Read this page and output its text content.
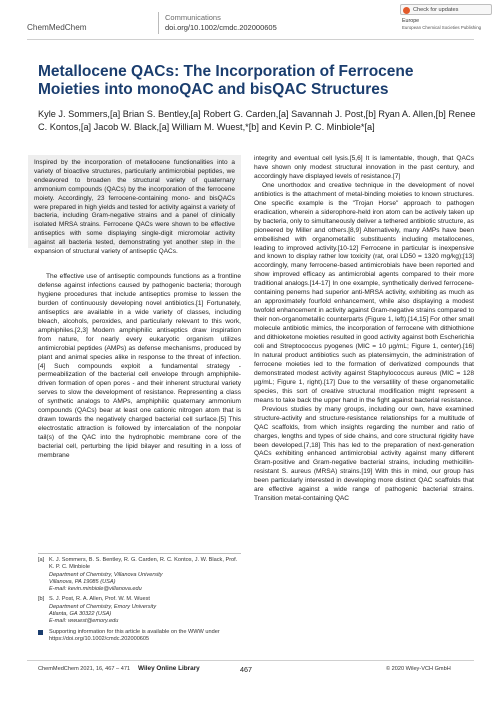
ChemMedChem
Communications
doi.org/10.1002/cmdc.202000605
Check for updates
Europe
European Chemical Societies Publishing
Metallocene QACs: The Incorporation of Ferrocene Moieties into monoQAC and bisQAC Structures
Kyle J. Sommers,[a] Brian S. Bentley,[a] Robert G. Carden,[a] Savannah J. Post,[b] Ryan A. Allen,[b] Renee C. Kontos,[a] Jacob W. Black,[a] William M. Wuest,*[b] and Kevin P. C. Minbiole*[a]
Inspired by the incorporation of metallocene functionalities into a variety of bioactive structures, particularly antimicrobial peptides, we endeavored to broaden the structural variety of quaternary ammonium compounds (QACs) by the incorporation of the ferrocene moiety. Accordingly, 23 ferrocene-containing mono- and bisQACs were prepared in high yields and tested for activity against a variety of bacteria, including Gram-negative strains and a panel of clinically isolated MRSA strains. Ferrocene QACs were shown to be effective antiseptics with some displaying single-digit micromolar activity against all bacteria tested, demonstrating yet another step in the expansion of structural variety of antiseptic QACs.

The effective use of antiseptic compounds functions as a frontline defense against infections caused by pathogenic bacteria; thorough hygiene procedures that include antiseptics promise to lessen the burden of continuously developing novel antibiotics.[1] Fortunately, antiseptics are available in a wide variety of classes, including bleach, alcohols, peroxides, and particularly relevant to this work, amphiphiles.[2,3] Modern amphiphilic antiseptics draw inspiration from nature, for nearly every eukaryotic organism utilizes antimicrobial peptides (AMPs) as defense mechanisms, produced by plant and animal species alike in response to the threat of infection.[4] Such compounds exploit a fundamental strategy - permeabilization of the bacterial cell envelope through amphiphile-driven formation of open pores - and their inherent structural variety serves to slow the development of resistance. Representing a class of synthetic analogs to AMPs, amphiphilic quaternary ammonium compounds (QACs) bear at least one cationic nitrogen atom that is drawn towards the negatively charged bacterial cell surface.[5] This electrostatic attraction is followed by intercalation of the nonpolar tail(s) of the QAC into the hydrophobic membrane core of the bacterial cell, perturbing the lipid bilayer and resulting in a loss of membrane

integrity and eventual cell lysis.[5,6] It is lamentable, though, that QACs have shown only modest structural innovation in the past century, and accordingly have displayed levels of resistance.[7]

One unorthodox and creative technique in the development of novel antibiotics is the attachment of metal-binding moieties to known structures. One specific example is the "Trojan Horse" approach to pathogen eradication, wherein a siderophore-held iron atom can be actively taken up by bacteria, only to simultaneously deliver a tethered antibiotic structure, as pioneered by Miller and others.[8,9] Alternatively, many AMPs have been embellished with organometallic substituents including metallocenes, leading to improved activity.[10-12] Ferrocene in particular is inexpensive and known to display rather low toxicity (rat, oral LD50 = 1320 mg/kg);[13] accordingly, many ferrocene-based antimicrobials have been reported and show improved efficacy as antimicrobial agents compared to their more traditional analogs.[14-17] In one example, synthetically derived ferrocene-containing penems had superior anti-MRSA activity, exhibiting as much as an approximately fourfold enhancement, while also displaying a modest twofold enhancement in activity against Gram-negative strains compared to their non-organometallic counterparts (Figure 1, left).[14,15] For other small molecule antibiotic mimics, the incorporation of ferrocene with dithiothione and dithioketone moieties resulted in good activity against both Escherichia coli and Streptococcus pyogenes (MIC = 10 µg/mL; Figure 1, center).[16] In natural product antibiotics such as platensimycin, the administration of ferrocene moieties led to the formation of derivatized compounds that demonstrated modest activity against Staphylococcus aureus (MIC = 128 µg/mL; Figure 1, right).[17] Due to the versatility of these organometallic species, this sort of creative structural modification might represent a means to take back the upper hand in the fight against bacterial resistance.

Previous studies by many groups, including our own, have examined structure-activity and structure-resistance relationships for a multitude of QAC scaffolds, from which insights regarding the number and ratio of charges, lengths and types of side chains, and core structural rigidity have been developed.[7,18] This has led to the preparation of next-generation QACs exhibiting enhanced antimicrobial activity against many different Gram-positive and Gram-negative bacterial strains, including methicillin-resistant S. aureus (MRSA) strains.[19] With this in mind, our group has been particularly interested in developing more distinct QAC scaffolds that are effective against a wide range of pathogenic bacterial strains. Transition metal-containing QAC

[a] K. J. Sommers, B. S. Bentley, R. G. Carden, R. C. Kontos, J. W. Black, Prof. K. P. C. Minbiole
Department of Chemistry, Villanova University
Villanova, PA 19085 (USA)
E-mail: kevin.minbiole@villanova.edu
[b] S. J. Post, R. A. Allen, Prof. W. M. Wuest
Department of Chemistry, Emory University
Atlanta, GA 30322 (USA)
E-mail: wwuest@emory.edu
Supporting information for this article is available on the WWW under https://doi.org/10.1002/cmdc.202000605
ChemMedChem 2021, 16, 467 – 471 Wiley Online Library	467	© 2020 Wiley-VCH GmbH
